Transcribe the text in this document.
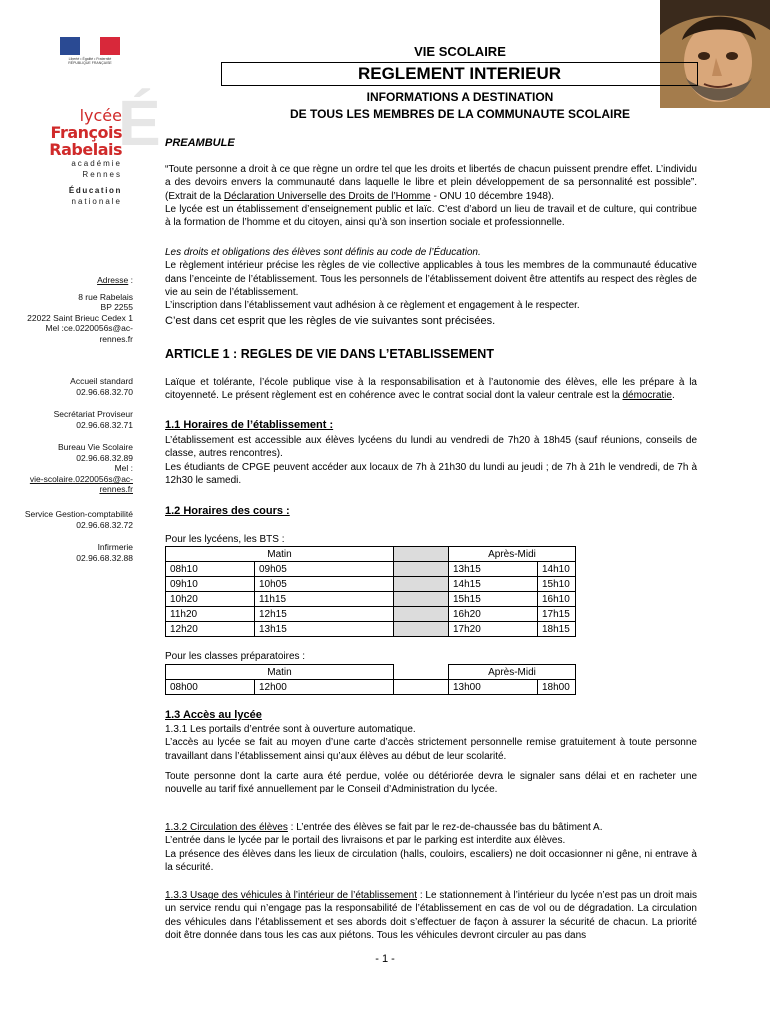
Liberté • Égalité • Fraternité
RÉPUBLIQUE FRANÇAISE
VIE SCOLAIRE
REGLEMENT INTERIEUR
INFORMATIONS A DESTINATION
DE TOUS LES MEMBRES DE LA COMMUNAUTE SCOLAIRE
É
lycée
François Rabelais
académie
Rennes
Éducation
nationale
Adresse :
8 rue Rabelais
BP 2255
22022 Saint Brieuc Cedex 1
Mel :ce.0220056s@ac-
rennes.fr
Accueil standard
02.96.68.32.70
Secrétariat Proviseur
02.96.68.32.71
Bureau Vie Scolaire
02.96.68.32.89
Mel :
vie-scolaire.0220056s@ac-
rennes.fr
Service Gestion-comptabilité
02.96.68.32.72
Infirmerie
02.96.68.32.88
PREAMBULE
“Toute personne a droit à ce que règne un ordre tel que les droits et libertés de chacun puissent prendre effet. L’individu a des devoirs envers la communauté dans laquelle le libre et plein développement de sa personnalité est possible”. (Extrait de la Déclaration Universelle des Droits de l’Homme - ONU 10 décembre 1948).
Le lycée est un établissement d’enseignement public et laïc. C’est d’abord un lieu de travail et de culture, qui contribue à la formation de l’homme et du citoyen, ainsi qu’à son insertion sociale et professionnelle.
Les droits et obligations des élèves sont définis au code de l’Éducation.
Le règlement intérieur précise les règles de vie collective applicables à tous les membres de la communauté éducative dans l’enceinte de l’établissement. Tous les personnels de l’établissement doivent être attentifs au respect des règles de vie au sein de l’établissement.
L’inscription dans l’établissement vaut adhésion à ce règlement et engagement à le respecter.
C’est dans cet esprit que les règles de vie suivantes sont précisées.
ARTICLE 1 : REGLES DE VIE DANS L’ETABLISSEMENT
Laïque et tolérante, l’école publique vise à la responsabilisation et à l’autonomie des élèves, elle les prépare à la citoyenneté. Le présent règlement est en cohérence avec le contrat social dont la valeur centrale est la démocratie.
1.1 Horaires de l’établissement :
L’établissement est accessible aux élèves lycéens du lundi au vendredi de 7h20 à 18h45 (sauf réunions, conseils de classe, autres rencontres).
Les étudiants de CPGE peuvent accéder aux locaux de 7h à 21h30 du lundi au jeudi ; de 7h à 21h le vendredi, de 7h à 12h30 le samedi.
1.2 Horaires des cours :
Pour les lycéens, les BTS :
Matin			Après-Midi	
08h10	09h05		13h15	14h10
09h10	10h05		14h15	15h10
10h20	11h15		15h15	16h10
11h20	12h15		16h20	17h15
12h20	13h15		17h20	18h15
Pour les classes préparatoires :
Matin			Après-Midi	
08h00	12h00		13h00	18h00
1.3 Accès au lycée
1.3.1 Les portails d’entrée sont à ouverture automatique.
L’accès au lycée se fait au moyen d’une carte d’accès strictement personnelle remise gratuitement à toute personne travaillant dans l’établissement ainsi qu’aux élèves au début de leur scolarité.
Toute personne dont la carte aura été perdue, volée ou détériorée devra le signaler sans délai et en racheter une nouvelle au tarif fixé annuellement par le Conseil d’Administration du lycée.
1.3.2 Circulation des élèves : L’entrée des élèves se fait par le rez-de-chaussée bas du bâtiment A.
L’entrée dans le lycée par le portail des livraisons et par le parking est interdite aux élèves.
La présence des élèves dans les lieux de circulation (halls, couloirs, escaliers) ne doit occasionner ni gêne, ni entrave à la sécurité.
1.3.3 Usage des véhicules à l’intérieur de l’établissement : Le stationnement à l’intérieur du lycée n’est pas un droit mais un service rendu qui n’engage pas la responsabilité de l’établissement en cas de vol ou de dégradation. La circulation des véhicules dans l’établissement et ses abords doit s’effectuer de façon à assurer la sécurité de chacun. La priorité doit être donnée dans tous les cas aux piétons. Tous les véhicules devront circuler au pas dans
- 1 -
